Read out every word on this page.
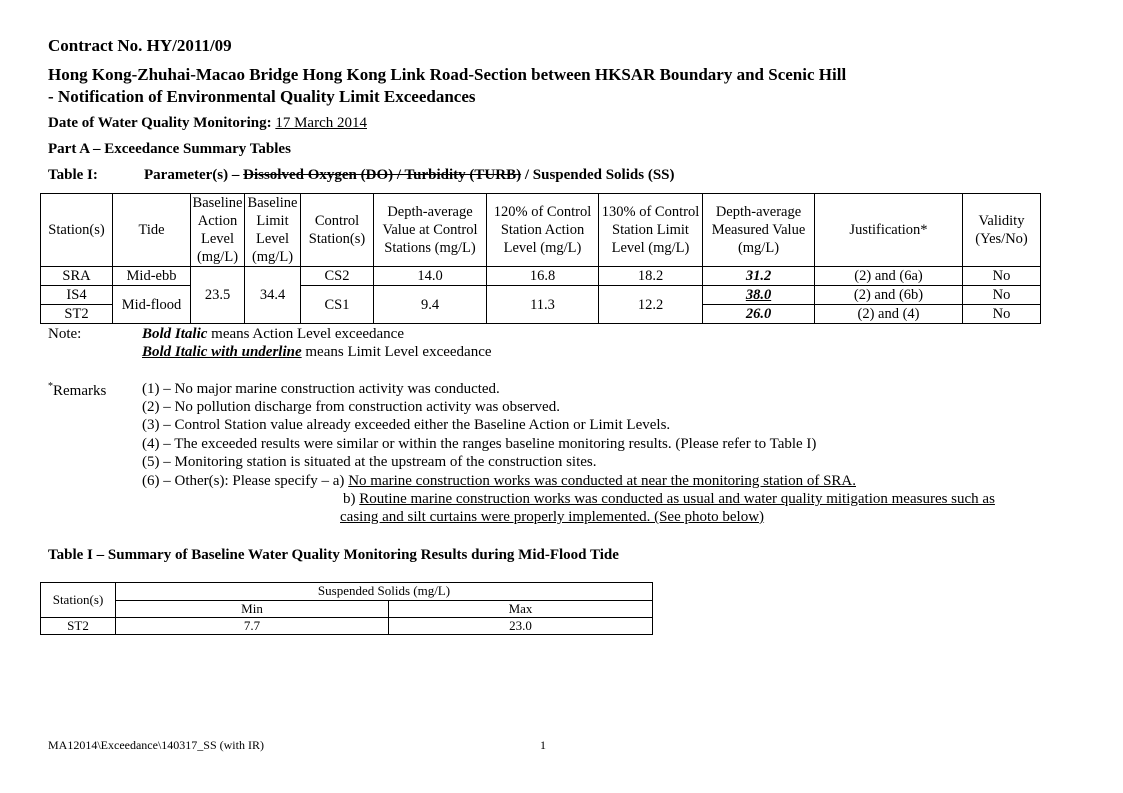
Contract No. HY/2011/09
Hong Kong-Zhuhai-Macao Bridge Hong Kong Link Road-Section between HKSAR Boundary and Scenic Hill
- Notification of Environmental Quality Limit Exceedances
Date of Water Quality Monitoring: 17 March 2014
Part A – Exceedance Summary Tables
Table I:	Parameter(s) – Dissolved Oxygen (DO) / Turbidity (TURB) / Suspended Solids (SS)
Station(s)	Tide	Baseline Action Level (mg/L)	Baseline Limit Level (mg/L)	Control Station(s)	Depth-average Value at Control Stations (mg/L)	120% of Control Station Action Level (mg/L)	130% of Control Station Limit Level (mg/L)	Depth-average Measured Value (mg/L)	Justification*	Validity (Yes/No)
SRA	Mid-ebb	23.5	34.4	CS2	14.0	16.8	18.2	31.2	(2) and (6a)	No
IS4	Mid-flood			CS1	9.4	11.3	12.2	38.0	(2) and (6b)	No
ST2								26.0	(2) and (4)	No
Note:	Bold Italic means Action Level exceedance
Bold Italic with underline means Limit Level exceedance
*Remarks (1) – No major marine construction activity was conducted.
(2) – No pollution discharge from construction activity was observed.
(3) – Control Station value already exceeded either the Baseline Action or Limit Levels.
(4) – The exceeded results were similar or within the ranges baseline monitoring results. (Please refer to Table I)
(5) – Monitoring station is situated at the upstream of the construction sites.
(6) – Other(s): Please specify – a) No marine construction works was conducted at near the monitoring station of SRA.
b) Routine marine construction works was conducted as usual and water quality mitigation measures such as
casing and silt curtains were properly implemented. (See photo below)
Table I – Summary of Baseline Water Quality Monitoring Results during Mid-Flood Tide
Station(s)	Suspended Solids (mg/L)	
	Min	Max
ST2	7.7	23.0
MA12014\Exceedance\140317_SS (with IR)	1
